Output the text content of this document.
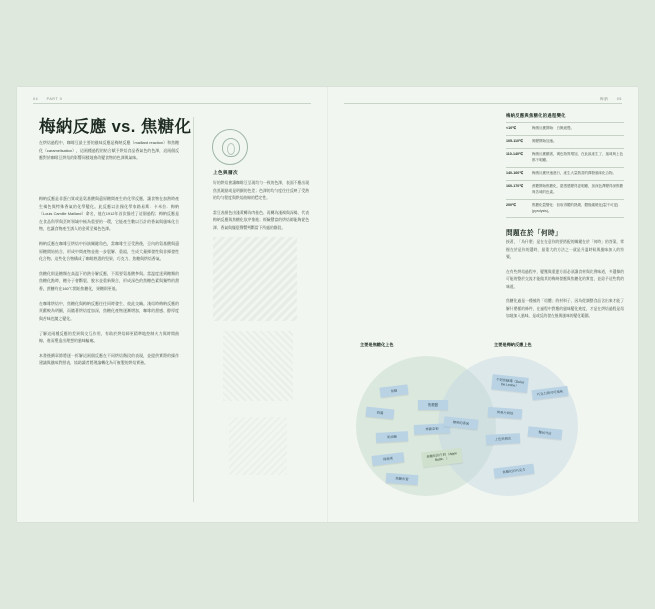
04　　PART 0
梅納反應 vs. 焦糖化
在烘焙過程中，咖啡豆最主要的風味反應是梅納反應（maillard reaction）和焦糖化（caramelisation），這兩種過程的結合賦予烘焙食品香氣色的色澤，這兩個反應對於咖啡豆烘焙的影響同樣地會改變食物的色澤與氣味。

梅納反應是非蛋白質或是氨基酸與還原糖間產生的化學反應，讓食物在加熱時產生褐色與特殊香氣的化學變化。此反應以法國化學家路易斯．卡米拉．梅納（Louis Camille Maillard）命名，他在1912年首次描述了這個過程；梅納反應是在食品科學與烹飪領域中極為重要的一環，它能產生數以百計的香氣與風味化合物，也讓食物產生誘人的金黃至褐色色澤。

梅納反應在咖啡豆烘焙中扮演關鍵角色，當咖啡生豆受熱後，豆內的氨基酸與還原糖開始結合，形成中間產物並進一步裂解、重組，生成大量揮發性與非揮發性化合物。這些化合物構成了咖啡熟悉的堅果、巧克力、焦糖與烘焙香氣。

焦糖化則是糖類在高溫下的熱分解反應，不需要氨基酸參與。當溫度達到糖類的焦糖化點時，糖分子會斷裂、脫水並重新聚合，形成深色的焦糖色素與獨特的甜香。蔗糖約在160℃開始焦糖化，果糖則更低。

在咖啡烘焙中，焦糖化與梅納反應往往同時發生、彼此交織。淺焙時梅納反應的貢獻較為明顯，而隨著烘焙度加深，焦糖化產物逐漸增加，咖啡的甜感、醇厚度與苦味也隨之變化。

了解這兩種反應的差異與交互作用，有助於烘焙師更精準地控制火力與時間曲線，進而塑造出理想的風味輪廓。

本書後續章節將逐一拆解這兩個反應在不同烘焙階段的表現，並提供實際的操作建議與風味對照表，協助讀者將理論轉化為可複製的烘焙實務。

上色與層次

好的烘焙會讓咖啡豆呈現均勻一致的色澤，表面不應出現焦黑斑點或是明顯的色差；色澤的均勻度往往反映了受熱的均勻程度與烘焙曲線的穩定性。

當豆表顏色由淺黃轉為肉桂色、再轉為淺褐與深褐，代表梅納反應與焦糖化依序推進；經驗豐富的烘焙師能夠從色澤、香氣與爆裂聲響判斷當下所處的階段。

梅納　　05
梅納反應與焦糖化的過程變化
<10℃	梅納反應開始：白飯緩慢。
105-110℃	褐變開始加速。
110-140℃	梅納反應顯著，褐色物質增加，在此區產生了、風味與上色都不明顯。
140-160℃	梅納反應快速進行，產生大量熱香的揮發風味化合物。
160-170℃	蔗糖開始焦糖化，甜感感變得更明顯，加深色澤變得深焦糖與苦味的色素。
200℃	焦糖化裂變化：但取得體的熱燒、體後碳燒化(裂不可逆)(pyrolysis)。
問題在於「何時」

接著，「為什麼」是在在意你的要搭配的關鍵在於「何時」的答案，掌握在於是你的選時，最重大的方法之一就是升溫時候與風味加入的符號。

在有些烘焙過程中，變壓與重建方面必須讓食材與比例味道，多選擇的可能的整於交流才能做其的梅納發應與焦糖化的實度，並給予這些我的味道。

焦糖化過是一種被的「焙體」的材料子，因為從調整食品含出來才能了解什麼樣的條件，在過程中對應的風味變化進度，才是在烘焙過程是焙加地加入風味，是或反的發在後與風味的變化範圍。

主要是焦糖化上色	主要是梅納反應上色
焦糖
奶醬
奶油糖
烤蘋果
焦糖布蕾
焦糖醬
烤蔬菜根
咖啡的香氣
焦糖化的牛奶（Appe Butte．）
牛奶焦糖醬（Dulce De Leche）
巧克力與可可風味
烤麥片烘焙
上色與層次
麵包外皮
焦糖化的巧克力
